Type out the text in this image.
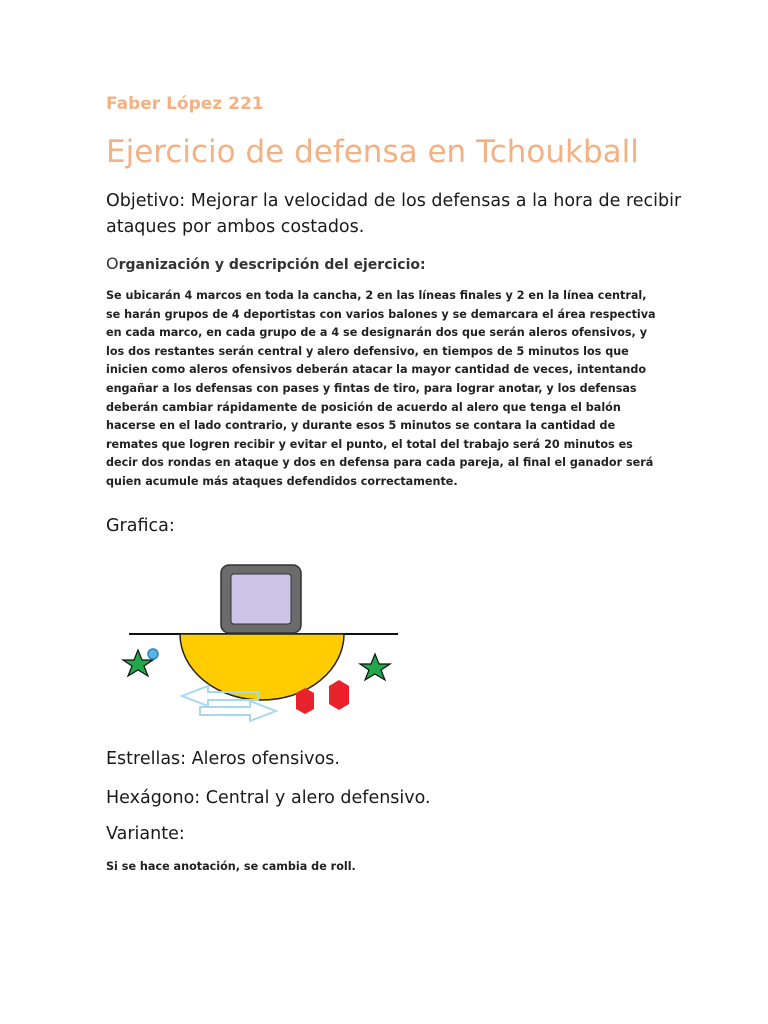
Faber López 221
Ejercicio de defensa en Tchoukball
Objetivo: Mejorar la velocidad de los defensas a la hora de recibir ataques por ambos costados.
Organización y descripción del ejercicio:
Se ubicarán 4 marcos en toda la cancha, 2 en las líneas finales y 2 en la línea central, se harán grupos de 4 deportistas con varios balones y se demarcara el área respectiva en cada marco, en cada grupo de a 4 se designarán dos que serán aleros ofensivos, y los dos restantes serán central y alero defensivo, en tiempos de 5 minutos los que inicien como aleros ofensivos deberán atacar la mayor cantidad de veces, intentando engañar a los defensas con pases y fintas de tiro, para lograr anotar, y los defensas deberán cambiar rápidamente de posición de acuerdo al alero que tenga el balón hacerse en el lado contrario, y durante esos 5 minutos se contara la cantidad de remates que logren recibir y evitar el punto, el total del trabajo será 20 minutos es decir dos rondas en ataque y dos en defensa para cada pareja, al final el ganador será quien acumule más ataques defendidos correctamente.
Grafica:
Estrellas: Aleros ofensivos.
Hexágono: Central y alero defensivo.
Variante:
Si se hace anotación, se cambia de roll.
